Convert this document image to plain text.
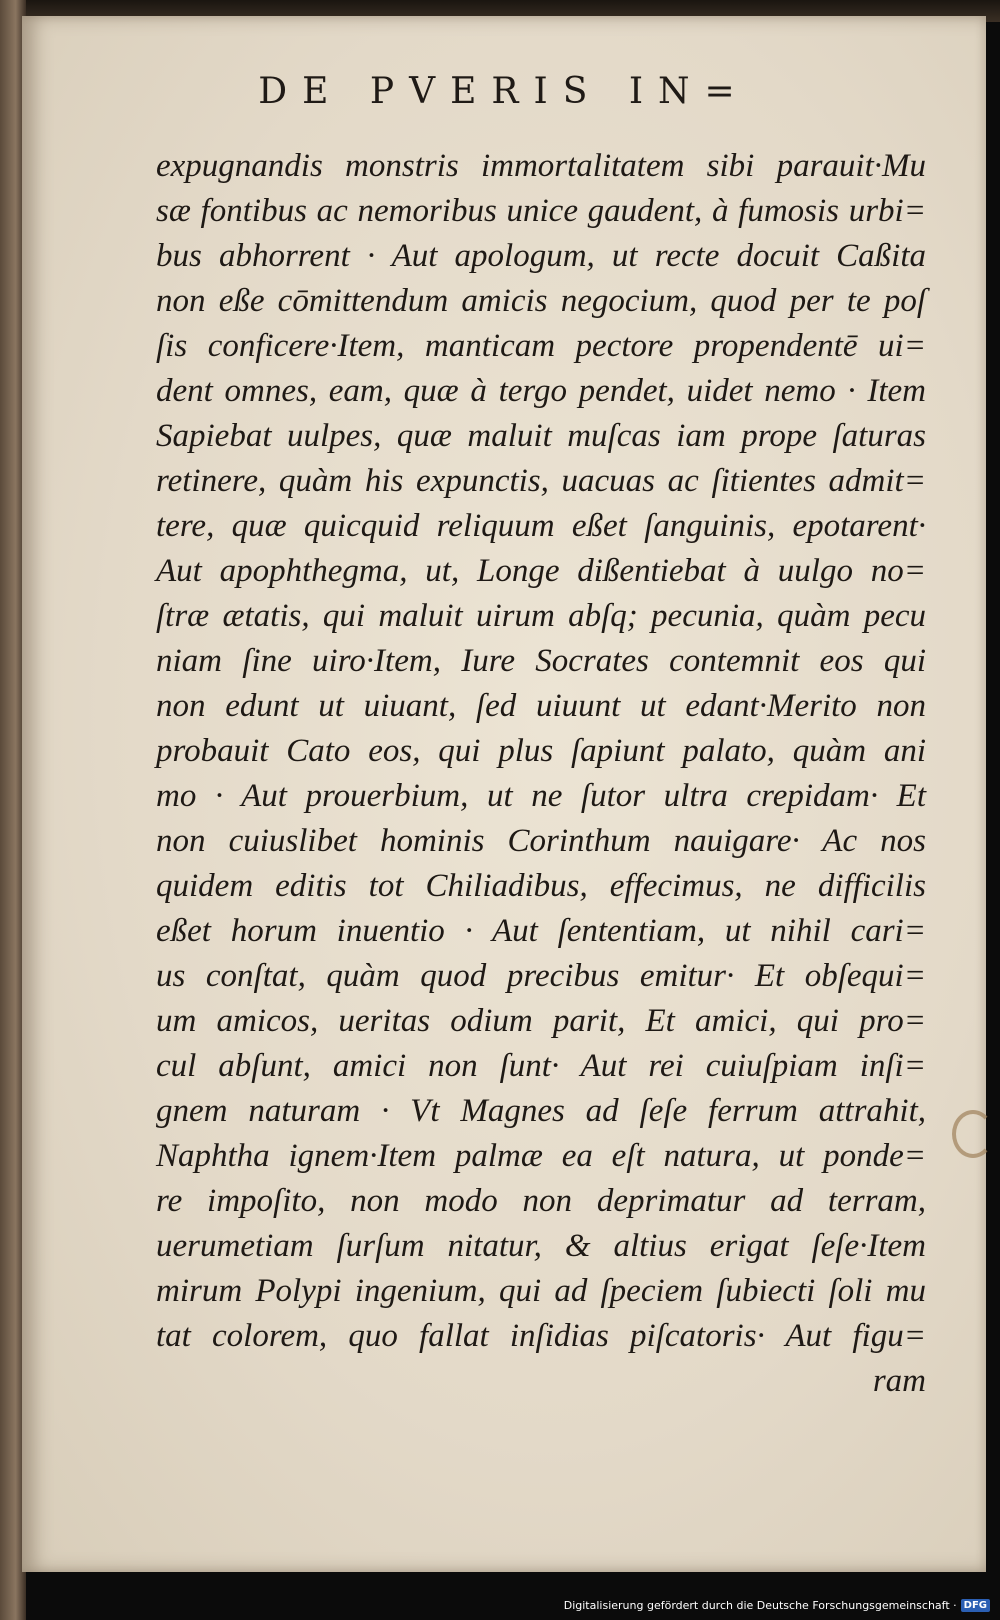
DE PVERIS IN=
expugnandis monstris immortalitatem sibi parauit·Mu
sæ fontibus ac nemoribus unice gaudent, à fumosis urbi=
bus abhorrent · Aut apologum, ut recte docuit Caßita
non eße cōmittendum amicis negocium, quod per te poſ
ſis conficere·Item, manticam pectore propendentē ui=
dent omnes, eam, quæ à tergo pendet, uidet nemo · Item
Sapiebat uulpes, quæ maluit muſcas iam prope ſaturas
retinere, quàm his expunctis, uacuas ac ſitientes admit=
tere, quæ quicquid reliquum eßet ſanguinis, epotarent·
Aut apophthegma, ut, Longe dißentiebat à uulgo no=
ſtræ ætatis, qui maluit uirum abſq; pecunia, quàm pecu
niam ſine uiro·Item, Iure Socrates contemnit eos qui
non edunt ut uiuant, ſed uiuunt ut edant·Merito non
probauit Cato eos, qui plus ſapiunt palato, quàm ani
mo · Aut prouerbium, ut ne ſutor ultra crepidam· Et
non cuiuslibet hominis Corinthum nauigare· Ac nos
quidem editis tot Chiliadibus, effecimus, ne difficilis
eßet horum inuentio · Aut ſententiam, ut nihil cari=
us conſtat, quàm quod precibus emitur· Et obſequi=
um amicos, ueritas odium parit, Et amici, qui pro=
cul abſunt, amici non ſunt· Aut rei cuiuſpiam inſi=
gnem naturam · Vt Magnes ad ſeſe ferrum attrahit,
Naphtha ignem·Item palmæ ea eſt natura, ut ponde=
re impoſito, non modo non deprimatur ad terram,
uerumetiam ſurſum nitatur, & altius erigat ſeſe·Item
mirum Polypi ingenium, qui ad ſpeciem ſubiecti ſoli mu
tat colorem, quo fallat inſidias piſcatoris· Aut figu=
ram
Digitalisierung gefördert durch die Deutsche Forschungsgemeinschaft · DFG
